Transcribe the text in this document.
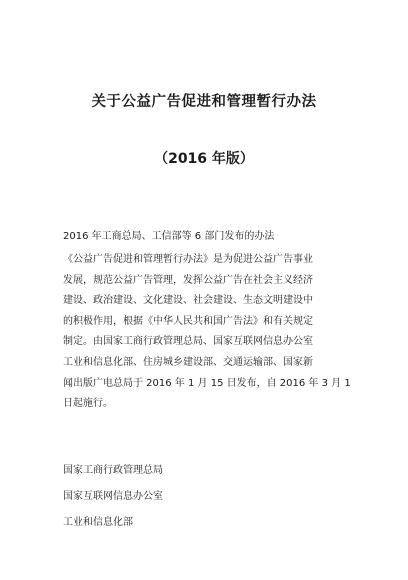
关于公益广告促进和管理暂行办法
（2016 年版）
2016 年工商总局、工信部等 6 部门发布的办法
《公益广告促进和管理暂行办法》是为促进公益广告事业
发展，规范公益广告管理，发挥公益广告在社会主义经济
建设、政治建设、文化建设、社会建设、生态文明建设中
的积极作用，根据《中华人民共和国广告法》和有关规定
制定。由国家工商行政管理总局、国家互联网信息办公室
工业和信息化部、住房城乡建设部、交通运输部、国家新
闻出版广电总局于 2016 年 1 月 15 日发布，自 2016 年 3 月 1
日起施行。
国家工商行政管理总局
国家互联网信息办公室
工业和信息化部
